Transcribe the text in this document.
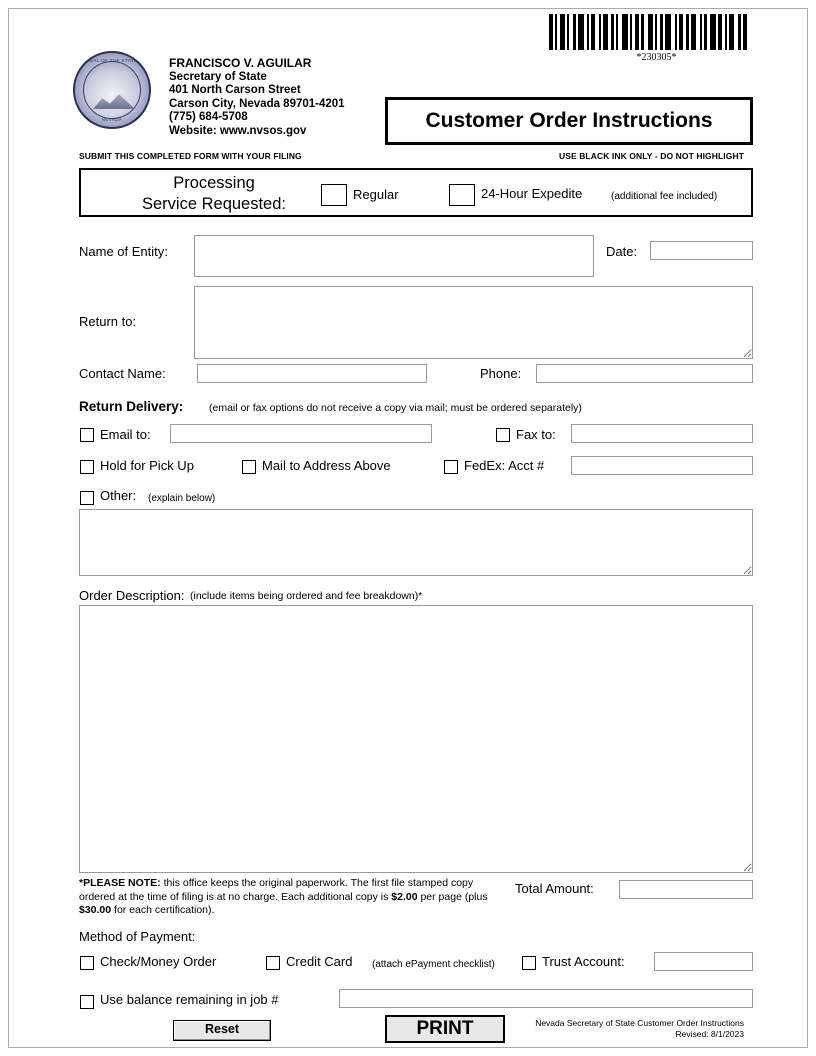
*230305*
SEAL OF THE STATE
NEVADA
FRANCISCO V. AGUILAR
Secretary of State
401 North Carson Street
Carson City, Nevada 89701-4201
(775) 684-5708
Website: www.nvsos.gov	Customer Order Instructions
SUBMIT THIS COMPLETED FORM WITH YOUR FILING	USE BLACK INK ONLY - DO NOT HIGHLIGHT
Processing
Service Requested:
Regular	24-Hour Expedite	(additional fee included)
Name of Entity:	Date:
Return to:
Contact Name:	Phone:
Return Delivery: (email or fax options do not receive a copy via mail; must be ordered separately)
Email to:	Fax to:
Hold for Pick Up	Mail to Address Above	FedEx: Acct #
Other: (explain below)
Order Description: (include items being ordered and fee breakdown)*
*PLEASE NOTE: this office keeps the original paperwork. The first file stamped copy ordered at the time of filing is at no charge. Each additional copy is $2.00 per page (plus $30.00 for each certification).
Total Amount:
Method of Payment:
Check/Money Order	Credit Card (attach ePayment checklist)	Trust Account:
Use balance remaining in job #
Reset	PRINT	Nevada Secretary of State Customer Order Instructions
Revised: 8/1/2023
